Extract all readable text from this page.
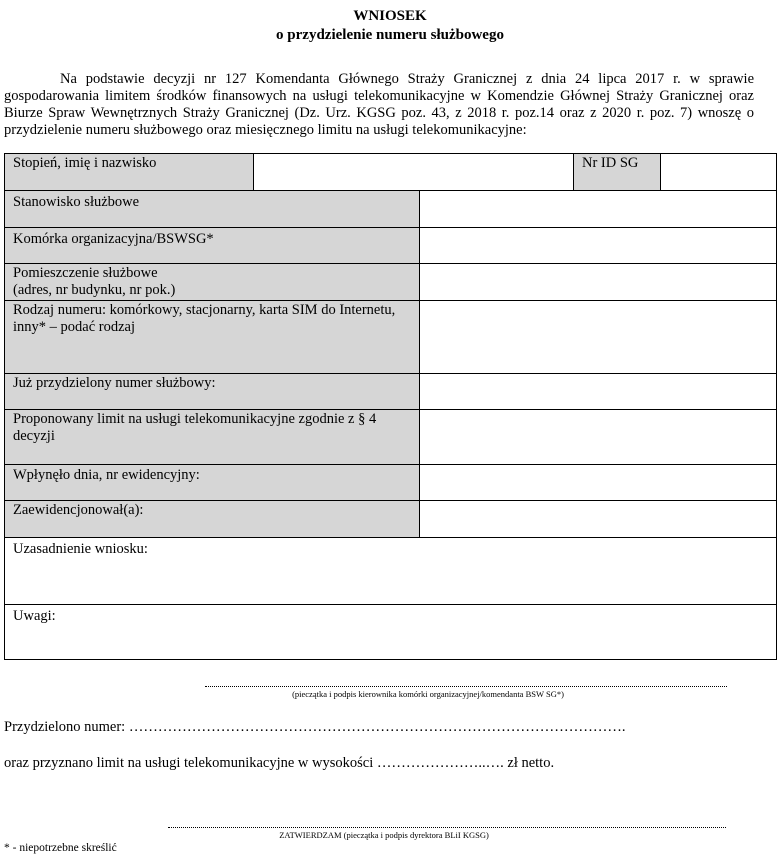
WNIOSEK
o przydzielenie numeru służbowego
Na podstawie decyzji nr 127 Komendanta Głównego Straży Granicznej z dnia 24 lipca 2017 r. w sprawie gospodarowania limitem środków finansowych na usługi telekomunikacyjne w Komendzie Głównej Straży Granicznej oraz Biurze Spraw Wewnętrznych Straży Granicznej (Dz. Urz. KGSG poz. 43, z 2018 r. poz.14 oraz z 2020 r. poz. 7) wnoszę o przydzielenie numeru służbowego oraz miesięcznego limitu na usługi telekomunikacyjne:
Stopień, imię i nazwisko			Nr ID SG	
Stanowisko służbowe				
Komórka organizacyjna/BSWSG*				

Pomieszczenie służbowe
(adres, nr budynku, nr pok.)				

Rodzaj numeru: komórkowy, stacjonarny, karta SIM do Internetu, inny* – podać rodzaj				
Już przydzielony numer służbowy:				
Proponowany limit na usługi telekomunikacyjne zgodnie z § 4 decyzji				
Wpłynęło dnia, nr ewidencyjny:				
Zaewidencjonował(a):				
Uzasadnienie wniosku:				
Uwagi:				
(pieczątka i podpis kierownika komórki organizacyjnej/komendanta BSW SG*)
Przydzielono numer: ………………………………………………………………………………………….
oraz przyznano limit na usługi telekomunikacyjne w wysokości …………………..…. zł netto.
ZATWIERDZAM (pieczątka i podpis dyrektora BLiI KGSG)
* - niepotrzebne skreślić
